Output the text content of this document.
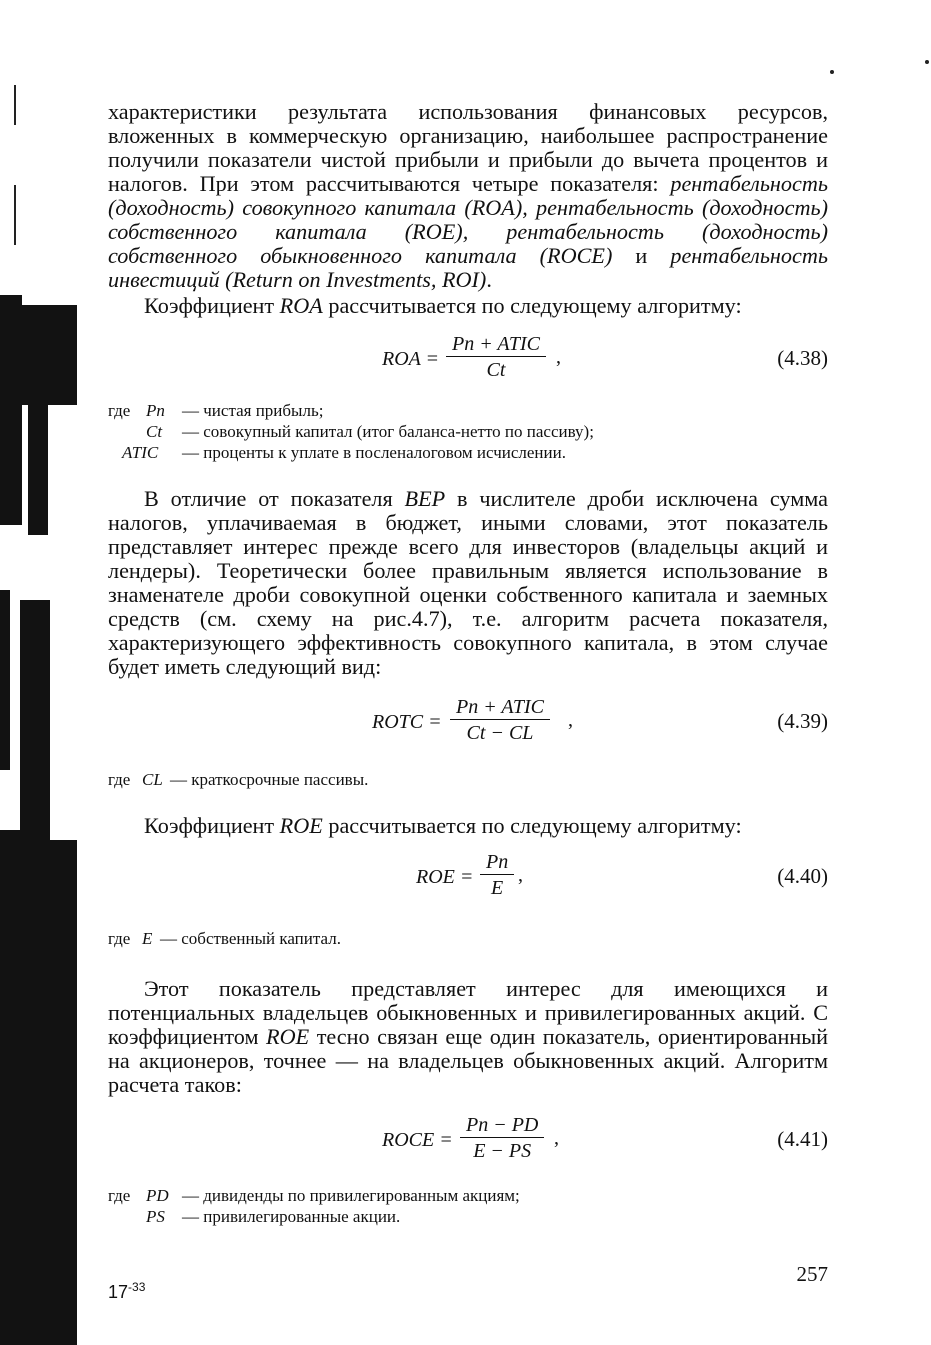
характеристики результата использования финансовых ресурсов, вложенных в коммерческую организацию, наибольшее распространение получили показатели чистой прибыли и прибыли до вычета процентов и налогов. При этом рассчитываются четыре показателя: рентабельность (доходность) совокупного капитала (ROA), рентабельность (доходность) собственного капитала (ROE), рентабельность (доходность) собственного обыкновенного капитала (ROCE) и рентабельность инвестиций (Return on Investments, ROI).

Коэффициент ROA рассчитывается по следующему алгоритму:

ROA =
Pn + ATIC
Ct
,	(4.38)
где Pn — чистая прибыль;
Ct — совокупный капитал (итог баланса-нетто по пассиву);
ATIC — проценты к уплате в посленалоговом исчислении.

В отличие от показателя BEP в числителе дроби исключена сумма налогов, уплачиваемая в бюджет, иными словами, этот показатель представляет интерес прежде всего для инвесторов (владельцы акций и лендеры). Теоретически более правильным является использование в знаменателе дроби совокупной оценки собственного капитала и заемных средств (см. схему на рис.4.7), т.е. алгоритм расчета показателя, характеризующего эффективность совокупного капитала, в этом случае будет иметь следующий вид:

ROTC =
Pn + ATIC
Ct − CL
,	(4.39)
где CL — краткосрочные пассивы.

Коэффициент ROE рассчитывается по следующему алгоритму:

ROE = $\frac{Pn}{E}$ ,	(4.40)
где E — собственный капитал.

Этот показатель представляет интерес для имеющихся и потенциальных владельцев обыкновенных и привилегированных акций. С коэффициентом ROE тесно связан еще один показатель, ориентированный на акционеров, точнее — на владельцев обыкновенных акций. Алгоритм расчета таков:

ROCE = $\frac{Pn - PD}{E - PS}$ ,	(4.41)
где PD — дивиденды по привилегированным акциям;
PS — привилегированные акции.
257
$17^{-33}$
